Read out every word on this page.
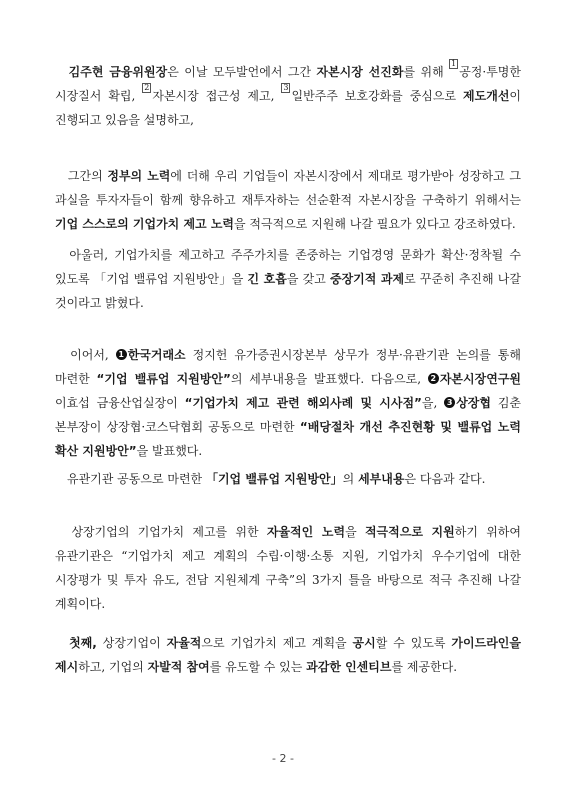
　김주현 금융위원장은 이날 모두발언에서 그간 자본시장 선진화를 위해 1공정·투명한 시장질서 확립, 2자본시장 접근성 제고, 3일반주주 보호강화를 중심으로 제도개선이 진행되고 있음을 설명하고,

　그간의 정부의 노력에 더해 우리 기업들이 자본시장에서 제대로 평가받아 성장하고 그 과실을 투자자들이 함께 향유하고 재투자하는 선순환적 자본시장을 구축하기 위해서는 기업 스스로의 기업가치 제고 노력을 적극적으로 지원해 나갈 필요가 있다고 강조하였다.

　아울러, 기업가치를 제고하고 주주가치를 존중하는 기업경영 문화가 확산·정착될 수 있도록 「기업 밸류업 지원방안」을 긴 호흡을 갖고 중장기적 과제로 꾸준히 추진해 나갈 것이라고 밝혔다.

　이어서, 1 한국거래소 정지헌 유가증권시장본부 상무가 정부·유관기관 논의를 통해 마련한 “기업 밸류업 지원방안”의 세부내용을 발표했다. 다음으로, 2 자본시장연구원 이효섭 금융산업실장이 “기업가치 제고 관련 해외사례 및 시사점”을, 3 상장협 김춘 본부장이 상장협·코스닥협회 공동으로 마련한 “배당절차 개선 추진현황 및 밸류업 노력 확산 지원방안”을 발표했다.

　유관기관 공동으로 마련한 「기업 밸류업 지원방안」의 세부내용은 다음과 같다.

　상장기업의 기업가치 제고를 위한 자율적인 노력을 적극적으로 지원하기 위하여 유관기관은 “기업가치 제고 계획의 수립·이행·소통 지원, 기업가치 우수기업에 대한 시장평가 및 투자 유도, 전담 지원체계 구축”의 3가지 틀을 바탕으로 적극 추진해 나갈 계획이다.

　첫째, 상장기업이 자율적으로 기업가치 제고 계획을 공시할 수 있도록 가이드라인을 제시하고, 기업의 자발적 참여를 유도할 수 있는 과감한 인센티브를 제공한다.

- 2 -
